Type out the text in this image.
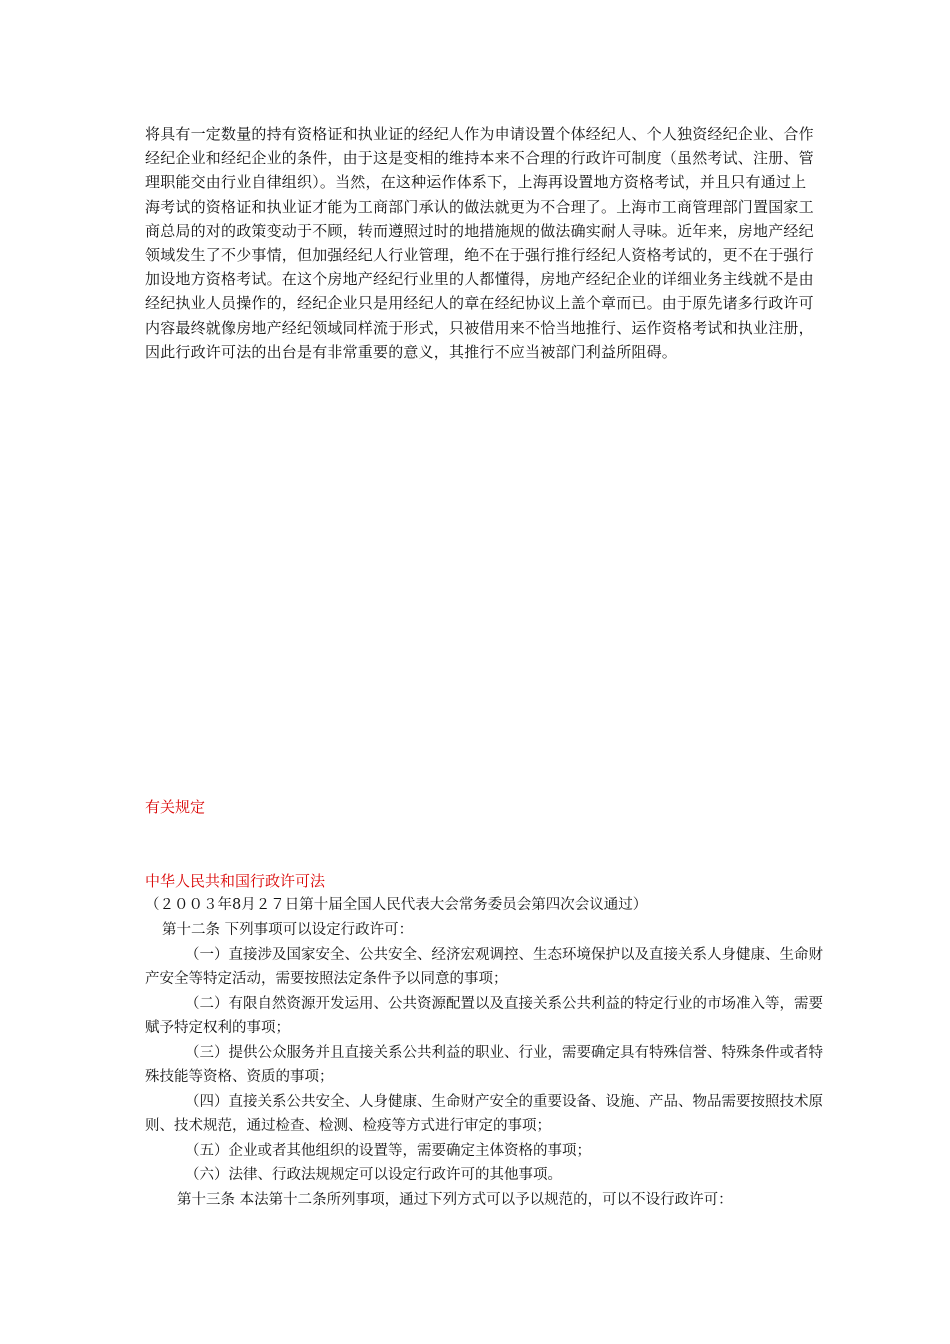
将具有一定数量的持有资格证和执业证的经纪人作为申请设置个体经纪人、个人独资经纪企业、合作经纪企业和经纪企业的条件，由于这是变相的维持本来不合理的行政许可制度（虽然考试、注册、管理职能交由行业自律组织）。当然，在这种运作体系下，上海再设置地方资格考试，并且只有通过上海考试的资格证和执业证才能为工商部门承认的做法就更为不合理了。上海市工商管理部门置国家工商总局的对的政策变动于不顾，转而遵照过时的地措施规的做法确实耐人寻味。近年来，房地产经纪领域发生了不少事情，但加强经纪人行业管理，绝不在于强行推行经纪人资格考试的，更不在于强行加设地方资格考试。在这个房地产经纪行业里的人都懂得，房地产经纪企业的详细业务主线就不是由经纪执业人员操作的，经纪企业只是用经纪人的章在经纪协议上盖个章而已。由于原先诸多行政许可内容最终就像房地产经纪领域同样流于形式，只被借用来不恰当地推行、运作资格考试和执业注册，因此行政许可法的出台是有非常重要的意义，其推行不应当被部门利益所阻碍。
有关规定
中华人民共和国行政许可法
（２００３年8月２７日第十届全国人民代表大会常务委员会第四次会议通过）

第十二条 下列事项可以设定行政许可：

（一）直接涉及国家安全、公共安全、经济宏观调控、生态环境保护以及直接关系人身健康、生命财产安全等特定活动，需要按照法定条件予以同意的事项；

（二）有限自然资源开发运用、公共资源配置以及直接关系公共利益的特定行业的市场准入等，需要赋予特定权利的事项；

（三）提供公众服务并且直接关系公共利益的职业、行业，需要确定具有特殊信誉、特殊条件或者特殊技能等资格、资质的事项；

（四）直接关系公共安全、人身健康、生命财产安全的重要设备、设施、产品、物品需要按照技术原则、技术规范，通过检查、检测、检疫等方式进行审定的事项；

（五）企业或者其他组织的设置等，需要确定主体资格的事项；

（六）法律、行政法规规定可以设定行政许可的其他事项。

第十三条 本法第十二条所列事项，通过下列方式可以予以规范的，可以不设行政许可：
